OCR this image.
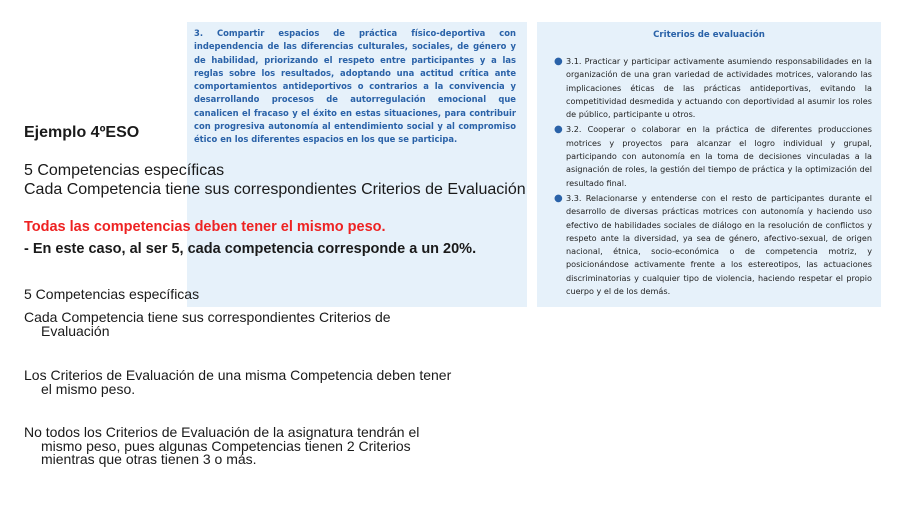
3. Compartir espacios de práctica físico-deportiva con independencia de las diferencias culturales, sociales, de género y de habilidad, priorizando el respeto entre participantes y a las reglas sobre los resultados, adoptando una actitud crítica ante comportamientos antideportivos o contrarios a la convivencia y desarrollando procesos de autorregulación emocional que canalicen el fracaso y el éxito en estas situaciones, para contribuir con progresiva autonomía al entendimiento social y al compromiso ético en los diferentes espacios en los que se participa.

Criterios de evaluación

● 3.1. Practicar y participar activamente asumiendo responsabilidades en la organización de una gran variedad de actividades motrices, valorando las implicaciones éticas de las prácticas antideportivas, evitando la competitividad desmedida y actuando con deportividad al asumir los roles de público, participante u otros.
● 3.2. Cooperar o colaborar en la práctica de diferentes producciones motrices y proyectos para alcanzar el logro individual y grupal, participando con autonomía en la toma de decisiones vinculadas a la asignación de roles, la gestión del tiempo de práctica y la optimización del resultado final.
● 3.3. Relacionarse y entenderse con el resto de participantes durante el desarrollo de diversas prácticas motrices con autonomía y haciendo uso efectivo de habilidades sociales de diálogo en la resolución de conflictos y respeto ante la diversidad, ya sea de género, afectivo-sexual, de origen nacional, étnica, socio-económica o de competencia motriz, y posicionándose activamente frente a los estereotipos, las actuaciones discriminatorias y cualquier tipo de violencia, haciendo respetar el propio cuerpo y el de los demás.

Ejemplo 4ºESO

5 Competencias específicas

Cada Competencia tiene sus correspondientes Criterios de Evaluación

Todas las competencias deben tener el mismo peso.

- En este caso, al ser 5, cada competencia corresponde a un 20%.

5 Competencias específicas

Cada Competencia tiene sus correspondientes Criterios de
Evaluación

Los Criterios de Evaluación de una misma Competencia deben tener
el mismo peso.

No todos los Criterios de Evaluación de la asignatura tendrán el
mismo peso, pues algunas Competencias tienen 2 Criterios
mientras que otras tienen 3 o más.
